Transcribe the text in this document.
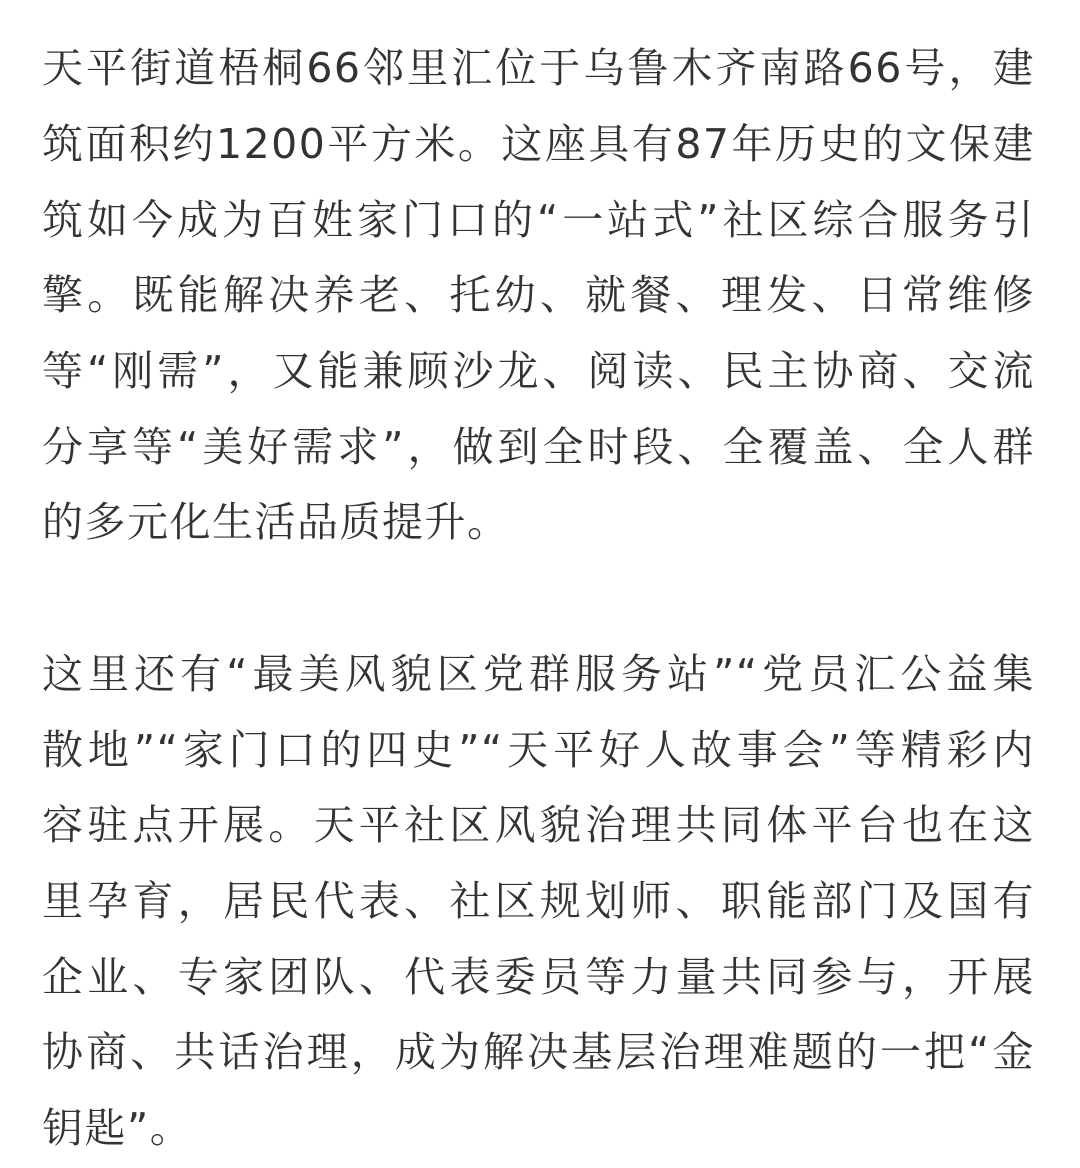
天平街道梧桐66邻里汇位于乌鲁木齐南路66号，建
筑面积约1200平方米。这座具有87年历史的文保建
筑如今成为百姓家门口的“一站式”社区综合服务引
擎。既能解决养老、托幼、就餐、理发、日常维修
等“刚需”，又能兼顾沙龙、阅读、民主协商、交流
分享等“美好需求”，做到全时段、全覆盖、全人群
的多元化生活品质提升。
这里还有“最美风貌区党群服务站”“党员汇公益集
散地”“家门口的四史”“天平好人故事会”等精彩内
容驻点开展。天平社区风貌治理共同体平台也在这
里孕育，居民代表、社区规划师、职能部门及国有
企业、专家团队、代表委员等力量共同参与，开展
协商、共话治理，成为解决基层治理难题的一把“金
钥匙”。
